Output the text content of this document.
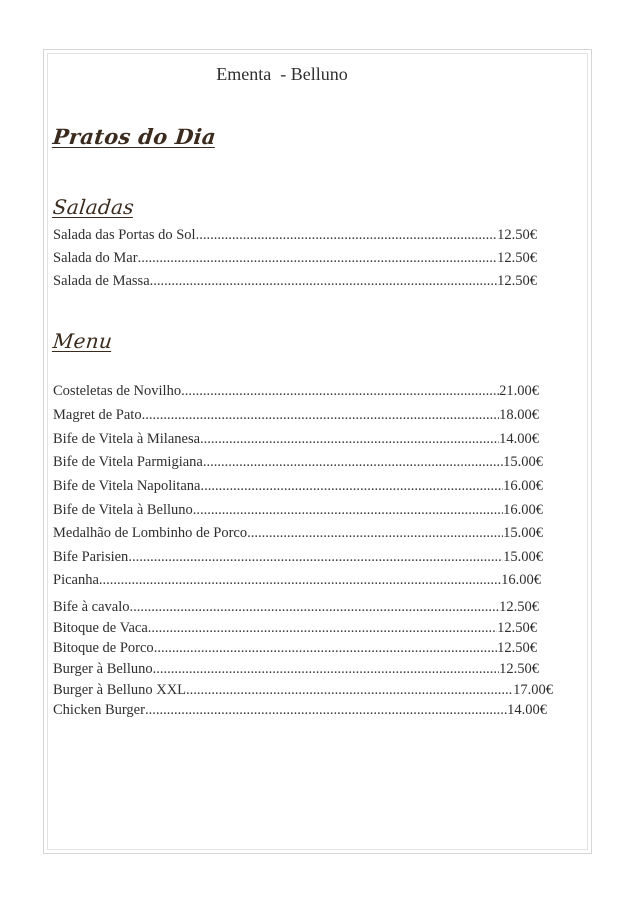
Ementa  - Belluno
Pratos do Dia
Saladas
Menu
Salada das Portas do Sol .....	12.50€
Salada do Mar .....	12.50€
Salada de Massa .....	12.50€
Costeletas de Novilho .....	21.00€
Magret de Pato .....	18.00€
Bife de Vitela à Milanesa .....	14.00€
Bife de Vitela Parmigiana .....	15.00€
Bife de Vitela Napolitana .....	16.00€
Bife de Vitela à Belluno .....	16.00€
Medalhão de Lombinho de Porco .....	15.00€
Bife Parisien .....	15.00€
Picanha .....	16.00€
Bife à cavalo .....	12.50€
Bitoque de Vaca .....	12.50€
Bitoque de Porco .....	12.50€
Burger à Belluno .....	12.50€
Burger à Belluno XXL .....	17.00€
Chicken Burger .....	14.00€
